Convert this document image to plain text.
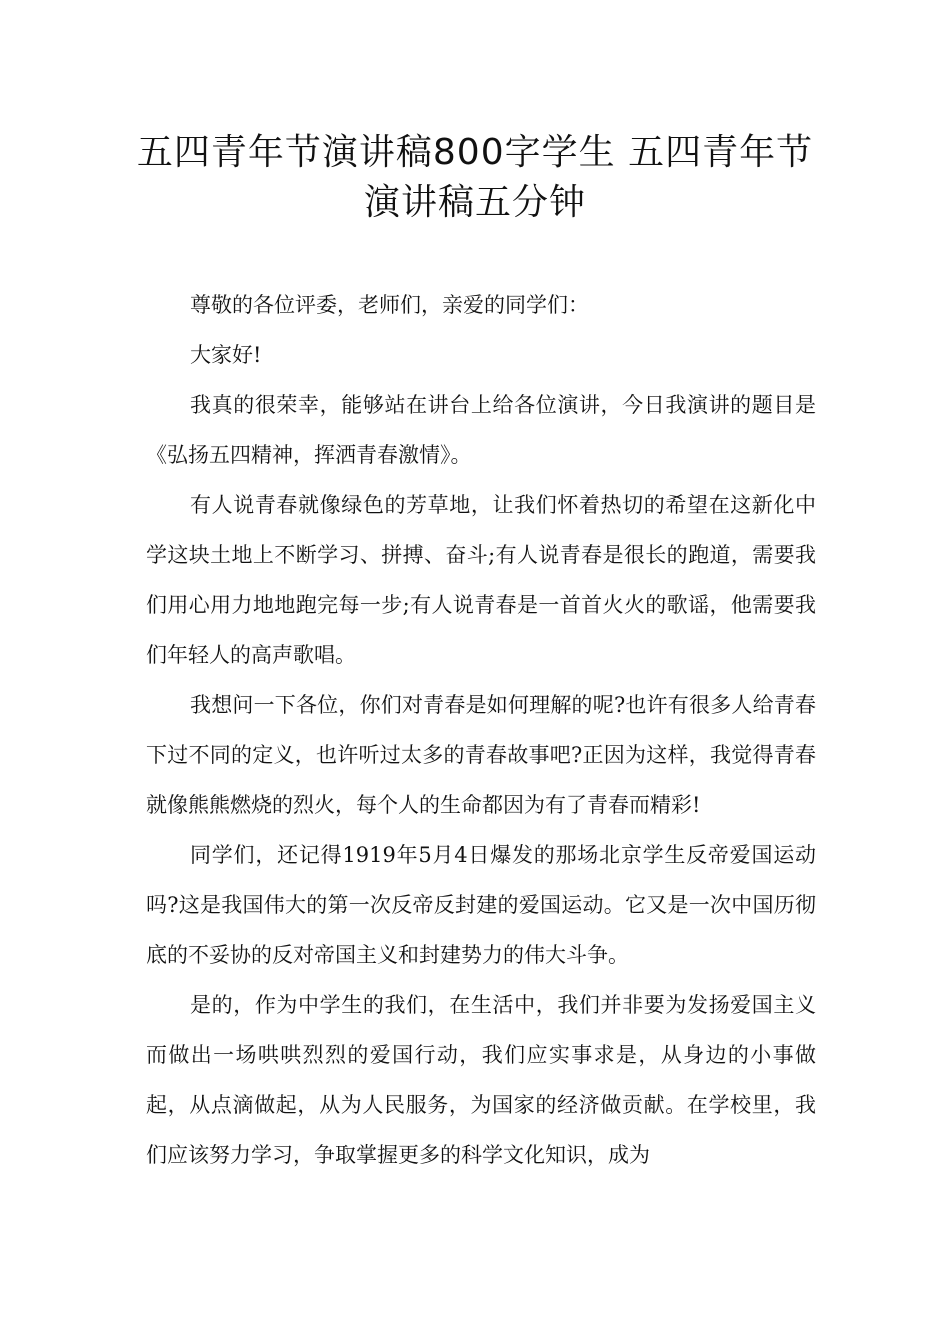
五四青年节演讲稿800字学生 五四青年节演讲稿五分钟

尊敬的各位评委，老师们，亲爱的同学们：

大家好!

我真的很荣幸，能够站在讲台上给各位演讲，今日我演讲的题目是《弘扬五四精神，挥洒青春激情》。

有人说青春就像绿色的芳草地，让我们怀着热切的希望在这新化中学这块土地上不断学习、拼搏、奋斗;有人说青春是很长的跑道，需要我们用心用力地地跑完每一步;有人说青春是一首首火火的歌谣，他需要我们年轻人的高声歌唱。

我想问一下各位，你们对青春是如何理解的呢?也许有很多人给青春下过不同的定义，也许听过太多的青春故事吧?正因为这样，我觉得青春就像熊熊燃烧的烈火，每个人的生命都因为有了青春而精彩!

同学们，还记得1919年5月4日爆发的那场北京学生反帝爱国运动吗?这是我国伟大的第一次反帝反封建的爱国运动。它又是一次中国历彻底的不妥协的反对帝国主义和封建势力的伟大斗争。

是的，作为中学生的我们，在生活中，我们并非要为发扬爱国主义而做出一场哄哄烈烈的爱国行动，我们应实事求是，从身边的小事做起，从点滴做起，从为人民服务，为国家的经济做贡献。在学校里，我们应该努力学习，争取掌握更多的科学文化知识，成为
